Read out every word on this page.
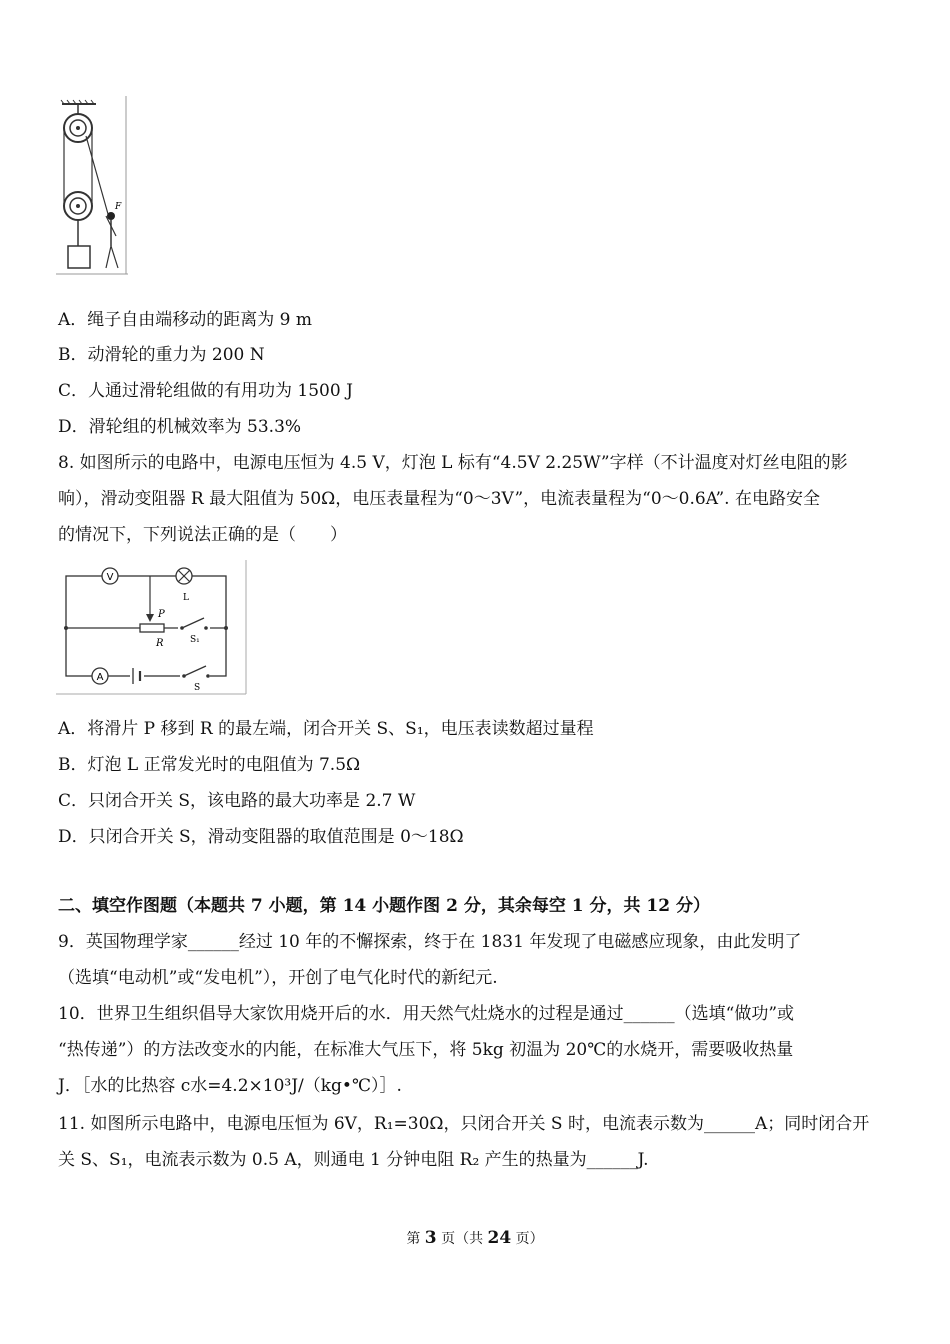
F
A．绳子自由端移动的距离为 9 m
B．动滑轮的重力为 200 N
C．人通过滑轮组做的有用功为 1500 J
D．滑轮组的机械效率为 53.3%
8. 如图所示的电路中，电源电压恒为 4.5 V，灯泡 L 标有“4.5V 2.25W”字样（不计温度对灯丝电阻的影
响），滑动变阻器 R 最大阻值为 50Ω，电压表量程为“0～3V”，电流表量程为“0～0.6A”. 在电路安全
的情况下，下列说法正确的是（　　）
V
L
P
R	S₁
A
S
A．将滑片 P 移到 R 的最左端，闭合开关 S、S₁，电压表读数超过量程
B．灯泡 L 正常发光时的电阻值为 7.5Ω
C．只闭合开关 S，该电路的最大功率是 2.7 W
D．只闭合开关 S，滑动变阻器的取值范围是 0～18Ω
二、填空作图题（本题共 7 小题，第 14 小题作图 2 分，其余每空 1 分，共 12 分）
9．英国物理学家______经过 10 年的不懈探索，终于在 1831 年发现了电磁感应现象，由此发明了
（选填“电动机”或“发电机”），开创了电气化时代的新纪元.
10．世界卫生组织倡导大家饮用烧开后的水．用天然气灶烧水的过程是通过______（选填“做功”或
“热传递”）的方法改变水的内能，在标准大气压下，将 5kg 初温为 20℃的水烧开，需要吸收热量
J．［水的比热容 c水=4.2×10³J/（kg•℃）］.
11. 如图所示电路中，电源电压恒为 6V，R₁=30Ω，只闭合开关 S 时，电流表示数为______A；同时闭合开
关 S、S₁，电流表示数为 0.5 A，则通电 1 分钟电阻 R₂ 产生的热量为______J.
第 3 页（共 24 页）
